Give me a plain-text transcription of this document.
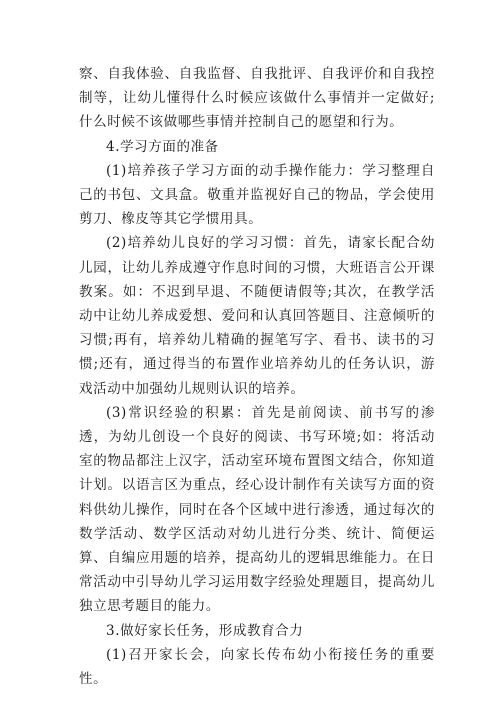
察、自我体验、自我监督、自我批评、自我评价和自我控制等，让幼儿懂得什么时候应该做什么事情并一定做好;什么时候不该做哪些事情并控制自己的愿望和行为。

4.学习方面的准备

(1)培养孩子学习方面的动手操作能力：学习整理自己的书包、文具盒。敬重并监视好自己的物品，学会使用剪刀、橡皮等其它学惯用具。

(2)培养幼儿良好的学习习惯：首先，请家长配合幼儿园，让幼儿养成遵守作息时间的习惯，大班语言公开课教案。如：不迟到早退、不随便请假等;其次，在教学活动中让幼儿养成爱想、爱问和认真回答题目、注意倾听的习惯;再有，培养幼儿精确的握笔写字、看书、读书的习惯;还有，通过得当的布置作业培养幼儿的任务认识，游戏活动中加强幼儿规则认识的培养。

(3)常识经验的积累：首先是前阅读、前书写的渗透，为幼儿创设一个良好的阅读、书写环境;如：将活动室的物品都注上汉字，活动室环境布置图文结合，你知道计划。以语言区为重点，经心设计制作有关读写方面的资料供幼儿操作，同时在各个区域中进行渗透，通过每次的数学活动、数学区活动对幼儿进行分类、统计、简便运算、自编应用题的培养，提高幼儿的逻辑思维能力。在日常活动中引导幼儿学习运用数字经验处理题目，提高幼儿独立思考题目的能力。

3.做好家长任务，形成教育合力

(1)召开家长会，向家长传布幼小衔接任务的重要性。
